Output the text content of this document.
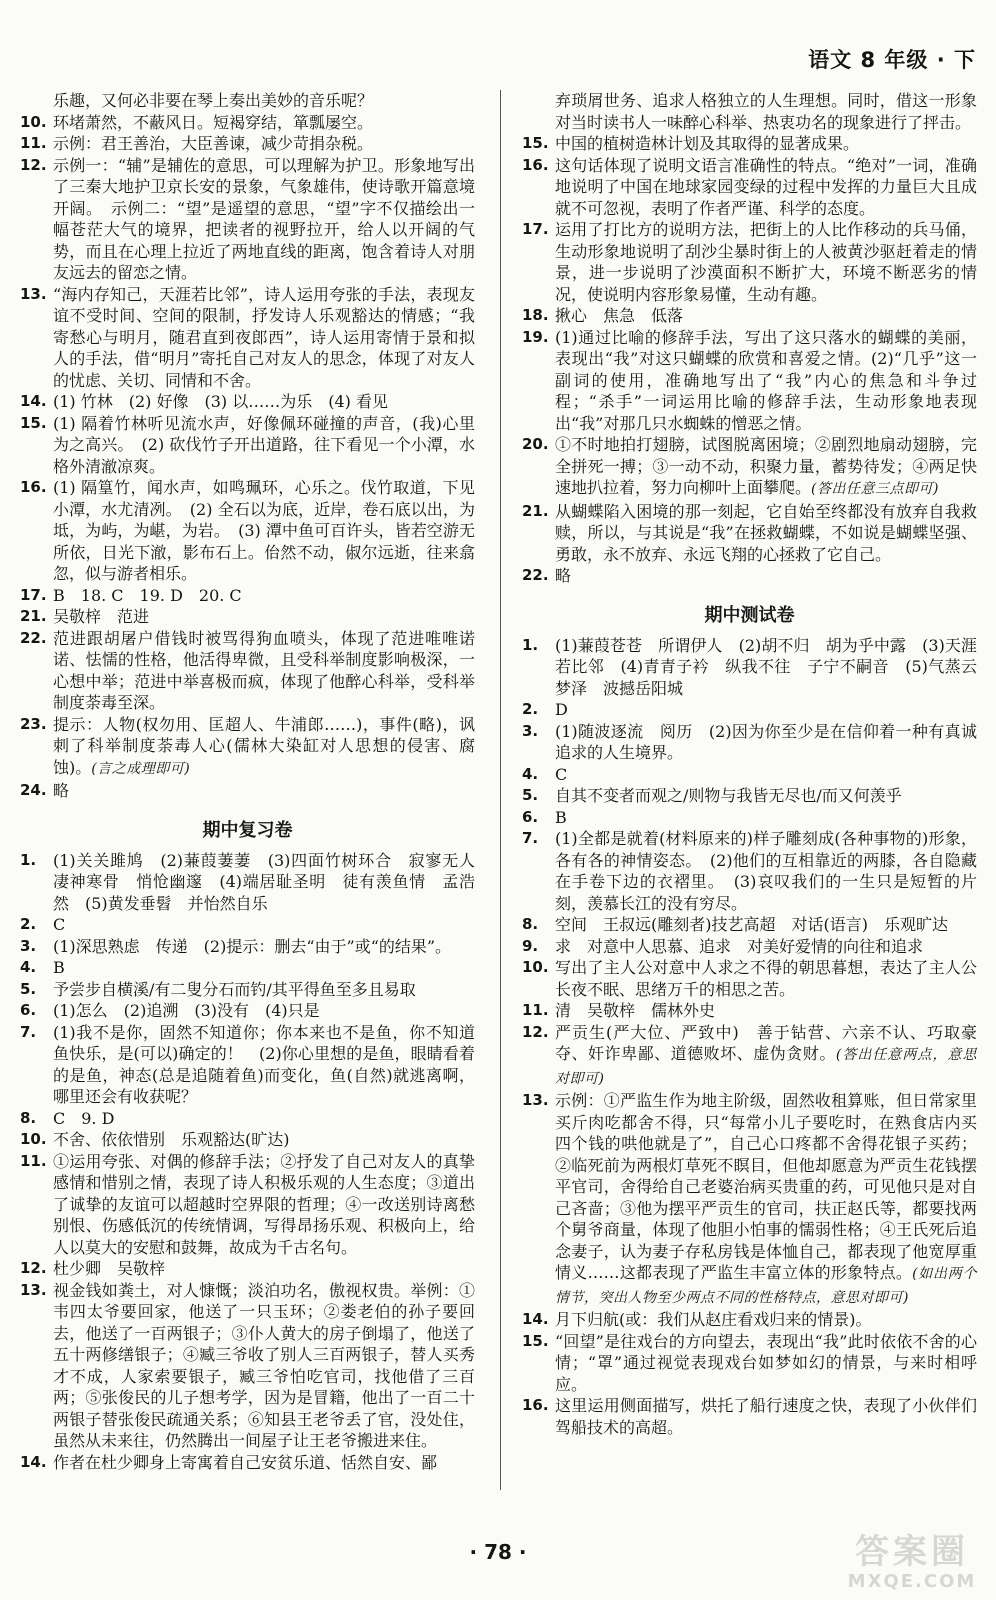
语文 8 年级 · 下
乐趣，又何必非要在琴上奏出美妙的音乐呢？
10. 环堵萧然，不蔽风日。短褐穿结，箪瓢屡空。
11. 示例：君王善治，大臣善谏，减少苛捐杂税。
12. 示例一：“辅”是辅佐的意思，可以理解为护卫。形象地写出了三秦大地护卫京长安的景象，气象雄伟，使诗歌开篇意境开阔。　示例二：“望”是遥望的意思，“望”字不仅描绘出一幅苍茫大气的境界，把读者的视野拉开，给人以开阔的气势，而且在心理上拉近了两地直线的距离，饱含着诗人对朋友远去的留恋之情。
13. “海内存知己，天涯若比邻”，诗人运用夸张的手法，表现友谊不受时间、空间的限制，抒发诗人乐观豁达的情感；“我寄愁心与明月，随君直到夜郎西”，诗人运用寄情于景和拟人的手法，借“明月”寄托自己对友人的思念，体现了对友人的忧虑、关切、同情和不舍。
14. (1) 竹林　(2) 好像　(3) 以……为乐　(4) 看见
15. (1) 隔着竹林听见流水声，好像佩环碰撞的声音，(我)心里为之高兴。　(2) 砍伐竹子开出道路，往下看见一个小潭，水格外清澈凉爽。
16. (1) 隔篁竹，闻水声，如鸣珮环，心乐之。伐竹取道，下见小潭，水尤清冽。　(2) 全石以为底，近岸，卷石底以出，为坻，为屿，为嵁，为岩。　(3) 潭中鱼可百许头，皆若空游无所依，日光下澈，影布石上。佁然不动，俶尔远逝，往来翕忽，似与游者相乐。
17. B　18. C　19. D　20. C
21. 吴敬梓　范进
22. 范进跟胡屠户借钱时被骂得狗血喷头，体现了范进唯唯诺诺、怯懦的性格，他活得卑微，且受科举制度影响极深，一心想中举；范进中举喜极而疯，体现了他醉心科举，受科举制度荼毒至深。
23. 提示：人物(权勿用、匡超人、牛浦郎……)，事件(略)，讽刺了科举制度荼毒人心(儒林大染缸对人思想的侵害、腐蚀)。(言之成理即可)
24. 略
期中复习卷
1. (1)关关雎鸠　(2)蒹葭萋萋　(3)四面竹树环合　寂寥无人　凄神寒骨　悄怆幽邃　(4)端居耻圣明　徒有羡鱼情　孟浩然　(5)黄发垂髫　并怡然自乐
2. C
3. (1)深思熟虑　传递　(2)提示：删去“由于”或“的结果”。
4. B
5. 予尝步自横溪/有二叟分石而钓/其平得鱼至多且易取
6. (1)怎么　(2)追溯　(3)没有　(4)只是
7. (1)我不是你，固然不知道你；你本来也不是鱼，你不知道鱼快乐，是(可以)确定的！　(2)你心里想的是鱼，眼睛看着的是鱼，神态(总是追随着鱼)而变化，鱼(自然)就逃离啊，哪里还会有收获呢？
8. C　9. D
10. 不舍、依依惜别　乐观豁达(旷达)
11. ①运用夸张、对偶的修辞手法；②抒发了自己对友人的真挚感情和惜别之情，表现了诗人积极乐观的人生态度；③道出了诚挚的友谊可以超越时空界限的哲理；④一改送别诗离愁别恨、伤感低沉的传统情调，写得昂扬乐观、积极向上，给人以莫大的安慰和鼓舞，故成为千古名句。
12. 杜少卿　吴敬梓
13. 视金钱如粪土，对人慷慨；淡泊功名，傲视权贵。举例：①韦四太爷要回家，他送了一只玉环；②娄老伯的孙子要回去，他送了一百两银子；③仆人黄大的房子倒塌了，他送了五十两修缮银子；④臧三爷收了别人三百两银子，替人买秀才不成，人家索要银子，臧三爷怕吃官司，找他借了三百两；⑤张俊民的儿子想考学，因为是冒籍，他出了一百二十两银子替张俊民疏通关系；⑥知县王老爷丢了官，没处住，虽然从未来往，仍然腾出一间屋子让王老爷搬进来住。
14. 作者在杜少卿身上寄寓着自己安贫乐道、恬然自安、鄙
弃琐屑世务、追求人格独立的人生理想。同时，借这一形象对当时读书人一味醉心科举、热衷功名的现象进行了抨击。
15. 中国的植树造林计划及其取得的显著成果。
16. 这句话体现了说明文语言准确性的特点。“绝对”一词，准确地说明了中国在地球家园变绿的过程中发挥的力量巨大且成就不可忽视，表明了作者严谨、科学的态度。
17. 运用了打比方的说明方法，把街上的人比作移动的兵马俑，生动形象地说明了刮沙尘暴时街上的人被黄沙驱赶着走的情景，进一步说明了沙漠面积不断扩大，环境不断恶劣的情况，使说明内容形象易懂，生动有趣。
18. 揪心　焦急　低落
19. (1)通过比喻的修辞手法，写出了这只落水的蝴蝶的美丽，表现出“我”对这只蝴蝶的欣赏和喜爱之情。(2)“几乎”这一副词的使用，准确地写出了“我”内心的焦急和斗争过程；“杀手”一词运用比喻的修辞手法，生动形象地表现出“我”对那几只水蜘蛛的憎恶之情。
20. ①不时地拍打翅膀，试图脱离困境；②剧烈地扇动翅膀，完全拼死一搏；③一动不动，积聚力量，蓄势待发；④两足快速地扒拉着，努力向柳叶上面攀爬。(答出任意三点即可)
21. 从蝴蝶陷入困境的那一刻起，它自始至终都没有放弃自我救赎，所以，与其说是“我”在拯救蝴蝶，不如说是蝴蝶坚强、勇敢，永不放弃、永远飞翔的心拯救了它自己。
22. 略
期中测试卷
1. (1)蒹葭苍苍　所谓伊人　(2)胡不归　胡为乎中露　(3)天涯若比邻　(4)青青子衿　纵我不往　子宁不嗣音　(5)气蒸云梦泽　波撼岳阳城
2. D
3. (1)随波逐流　阅历　(2)因为你至少是在信仰着一种有真诚追求的人生境界。
4. C
5. 自其不变者而观之/则物与我皆无尽也/而又何羡乎
6. B
7. (1)全都是就着(材料原来的)样子雕刻成(各种事物的)形象，各有各的神情姿态。　(2)他们的互相靠近的两膝，各自隐藏在手卷下边的衣褶里。　(3)哀叹我们的一生只是短暂的片刻，羡慕长江的没有穷尽。
8. 空间　王叔远(雕刻者)技艺高超　对话(语言)　乐观旷达
9. 求　对意中人思慕、追求　对美好爱情的向往和追求
10. 写出了主人公对意中人求之不得的朝思暮想，表达了主人公长夜不眠、思绪万千的相思之苦。
11. 清　吴敬梓　儒林外史
12. 严贡生(严大位、严致中)　善于钻营、六亲不认、巧取豪夺、奸诈卑鄙、道德败坏、虚伪贪财。(答出任意两点，意思对即可)
13. 示例：①严监生作为地主阶级，固然收租算账，但日常家里买斤肉吃都舍不得，只“每常小儿子要吃时，在熟食店内买四个钱的哄他就是了”，自己心口疼都不舍得花银子买药；②临死前为两根灯草死不瞑目，但他却愿意为严贡生花钱摆平官司，舍得给自己老婆治病买贵重的药，可见他只是对自己吝啬；③他为摆平严贡生的官司，扶正赵氏等，都要找两个舅爷商量，体现了他胆小怕事的懦弱性格；④王氏死后追念妻子，认为妻子存私房钱是体恤自己，都表现了他宽厚重情义……这都表现了严监生丰富立体的形象特点。(如出两个情节，突出人物至少两点不同的性格特点，意思对即可)
14. 月下归航(或：我们从赵庄看戏归来的情景)。
15. “回望”是往戏台的方向望去，表现出“我”此时依依不舍的心情；“罩”通过视觉表现戏台如梦如幻的情景，与来时相呼应。
16. 这里运用侧面描写，烘托了船行速度之快，表现了小伙伴们驾船技术的高超。
· 78 ·	答案圈
MXQE.COM
